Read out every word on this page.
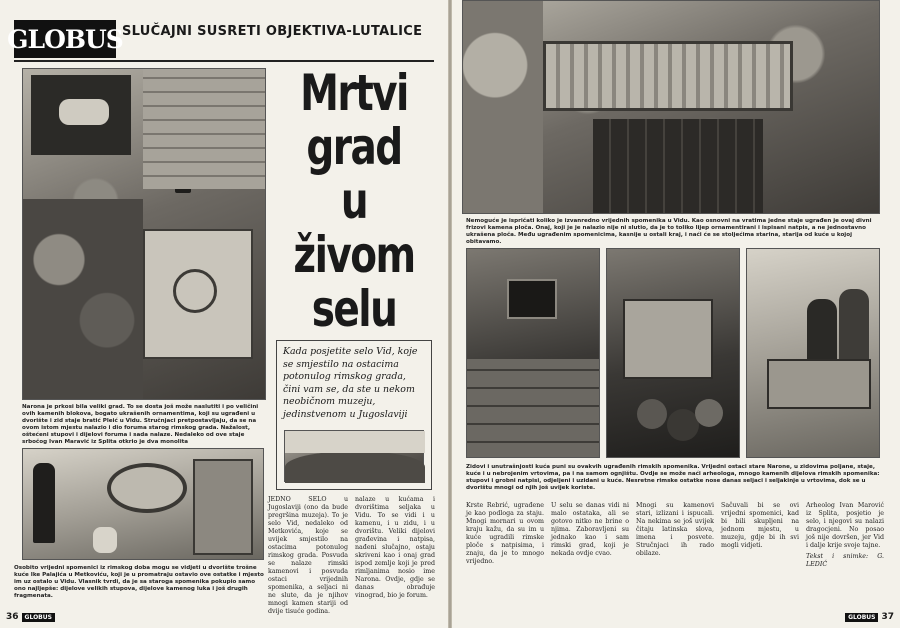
GLOBUS SLUČAJNI SUSRETI OBJEKTIVA-LUTALICE
Narona je prkosi bila veliki grad. To se dosta još može naslutiti i po veličini ovih kamenih blokova, bogato ukrašenih ornamentima, koji su ugrađeni u dvorište i zid staje bratić Pleić u Vidu. Stručnjaci pretpostavljaju, da se na ovom istom mjestu nalazio i dio foruma starog rimskog grada. Nažalost, oštećeni stupovi i dijelovi foruma i sada nalaze. Nedaleko od ove staje srbočog Ivan Maravić iz Splita otkrio je dva monolita
Osobito vrijedni spomenici iz rimskog doba mogu se vidjeti u dvorište trošne kuće Ike Palajića u Metkoviću, koji je u promatraju ostavio ove ostatke i mjesto im uz ostalo u Vidu. Vlasnik tvrdi, da je sa staroga spomenika pokupio samo ono najljepše: dijelove velikih stupova, dijelove kamenog luka i još drugih fragmenata.
Mrtvi
grad
u živom
selu

Kada posjetite selo Vid, koje se smjestilo na ostacima potonulog rimskog grada, čini vam se, da ste u nekom neobičnom muzeju, jedinstvenom u Jugoslaviji

JEDNO SELO u Jugoslaviji (ono da bude pregršina muzeja). To je selo Vid, nedaleko od Metkovića, koje se uvijek smjestilo na ostacima potonulog rimskog grada. Posvuda se nalaze rimski kamenovi i posvuda ostaci vrijednih spomenika, a seljaci ni ne slute, da je njihov mnogi kamen stariji od dvije tisuće godina.
nalaze u kućama i dvorištima seljaka u Vidu. To se vidi i u kamenu, i u zidu, i u dvorištu. Veliki dijelovi građevina i natpisa, nađeni slučajno, ostaju skriveni kao i onaj grad ispod zemlje koji je pred rimljanima nosio ime Narona. Ovdje, gdje se danas obrađuje vinograd, bio je forum.
36	GLOBUS
Nemoguće je ispričati koliko je izvanredno vrijednih spomenika u Vidu. Kao osnovni na vratima jedne staje ugrađen je ovaj divni frizovi kamena ploča. Onaj, koji je je nalazio nije ni slutio, da je to toliko lijep ornamentirani i ispisani natpis, a ne jednostavno ukrašena ploča. Među ugrađenim spomenicima, kasnije u ostali kraj, i naći će se stoljećima starina, starija od kuće u kojoj obitavamo.
Zidovi i unutrašnjosti kuća puni su ovakvih ugrađenih rimskih spomenika. Vrijedni ostaci stare Narone, u zidovima poljane, staje, kuće i u nebrojenim vrtovima, pa i na samom ognjištu. Ovdje se može naći arheologa, mnogo kamenih dijelova rimskih spomenika: stupovi i grobni natpisi, odjeljeni i uzidani u kuće. Nesretne rimske ostatke nose danas seljaci i seljakinje u vrtovima, dok se u dvorištu mnogi od njih još uvijek koriste.
Krste Rebrić, ugrađene je kao podloga za staju. Mnogi mornari u ovom kraju kažu, da su im u kuće ugradili rimske ploče s natpisima, i znaju, da je to mnogo vrijedno.
U selu se danas vidi ni malo ostataka, ali se gotovo nitko ne brine o njima. Zaboravljeni su jednako kao i sam rimski grad, koji je nekada ovdje cvao.
Mnogi su kamenovi stari, izlizani i ispucali. Na nekima se još uvijek čitaju latinska slova, imena i posvete. Stručnjaci ih rado obilaze.
Sačuvali bi se ovi vrijedni spomenici, kad bi bili skupljeni na jednom mjestu, u muzeju, gdje bi ih svi mogli vidjeti.
Arheolog Ivan Marović iz Splita, posjetio je selo, i njegovi su nalazi dragocjeni. No posao još nije dovršen, jer Vid i dalje krije svoje tajne.
Tekst i snimke: G. LEDIĆ
GLOBUS 37
